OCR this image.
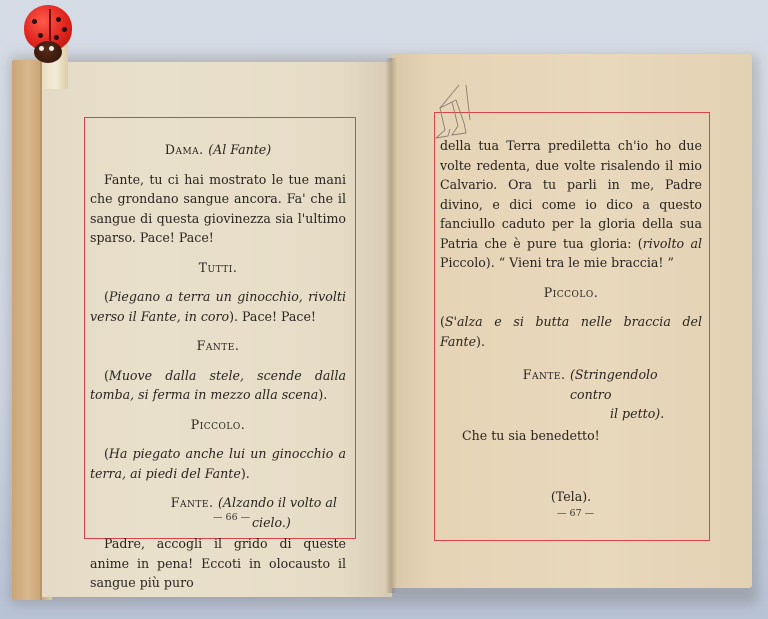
Dama. (Al Fante)

Fante, tu ci hai mostrato le tue mani che grondano sangue ancora. Fa' che il sangue di questa giovinezza sia l'ultimo sparso. Pace! Pace!

Tutti.

(Piegano a terra un ginocchio, rivolti verso il Fante, in coro). Pace! Pace!

Fante.

(Muove dalla stele, scende dalla tomba, si ferma in mezzo alla scena).

Piccolo.

(Ha piegato anche lui un ginocchio a terra, ai piedi del Fante).

Fante. (Alzando il volto al
cielo.)

Padre, accogli il grido di queste anime in pena! Eccoti in olocausto il sangue più puro

— 66 —

della tua Terra prediletta ch'io ho due volte redenta, due volte risalendo il mio Calvario. Ora tu parli in me, Padre divino, e dici come io dico a questo fanciullo caduto per la gloria della sua Patria che è pure tua gloria: (rivolto al Piccolo). “ Vieni tra le mie braccia! ”

Piccolo.

(S'alza e si butta nelle braccia del Fante).

Fante. (Stringendolo contro
il petto).

Che tu sia benedetto!

(Tela).

— 67 —
